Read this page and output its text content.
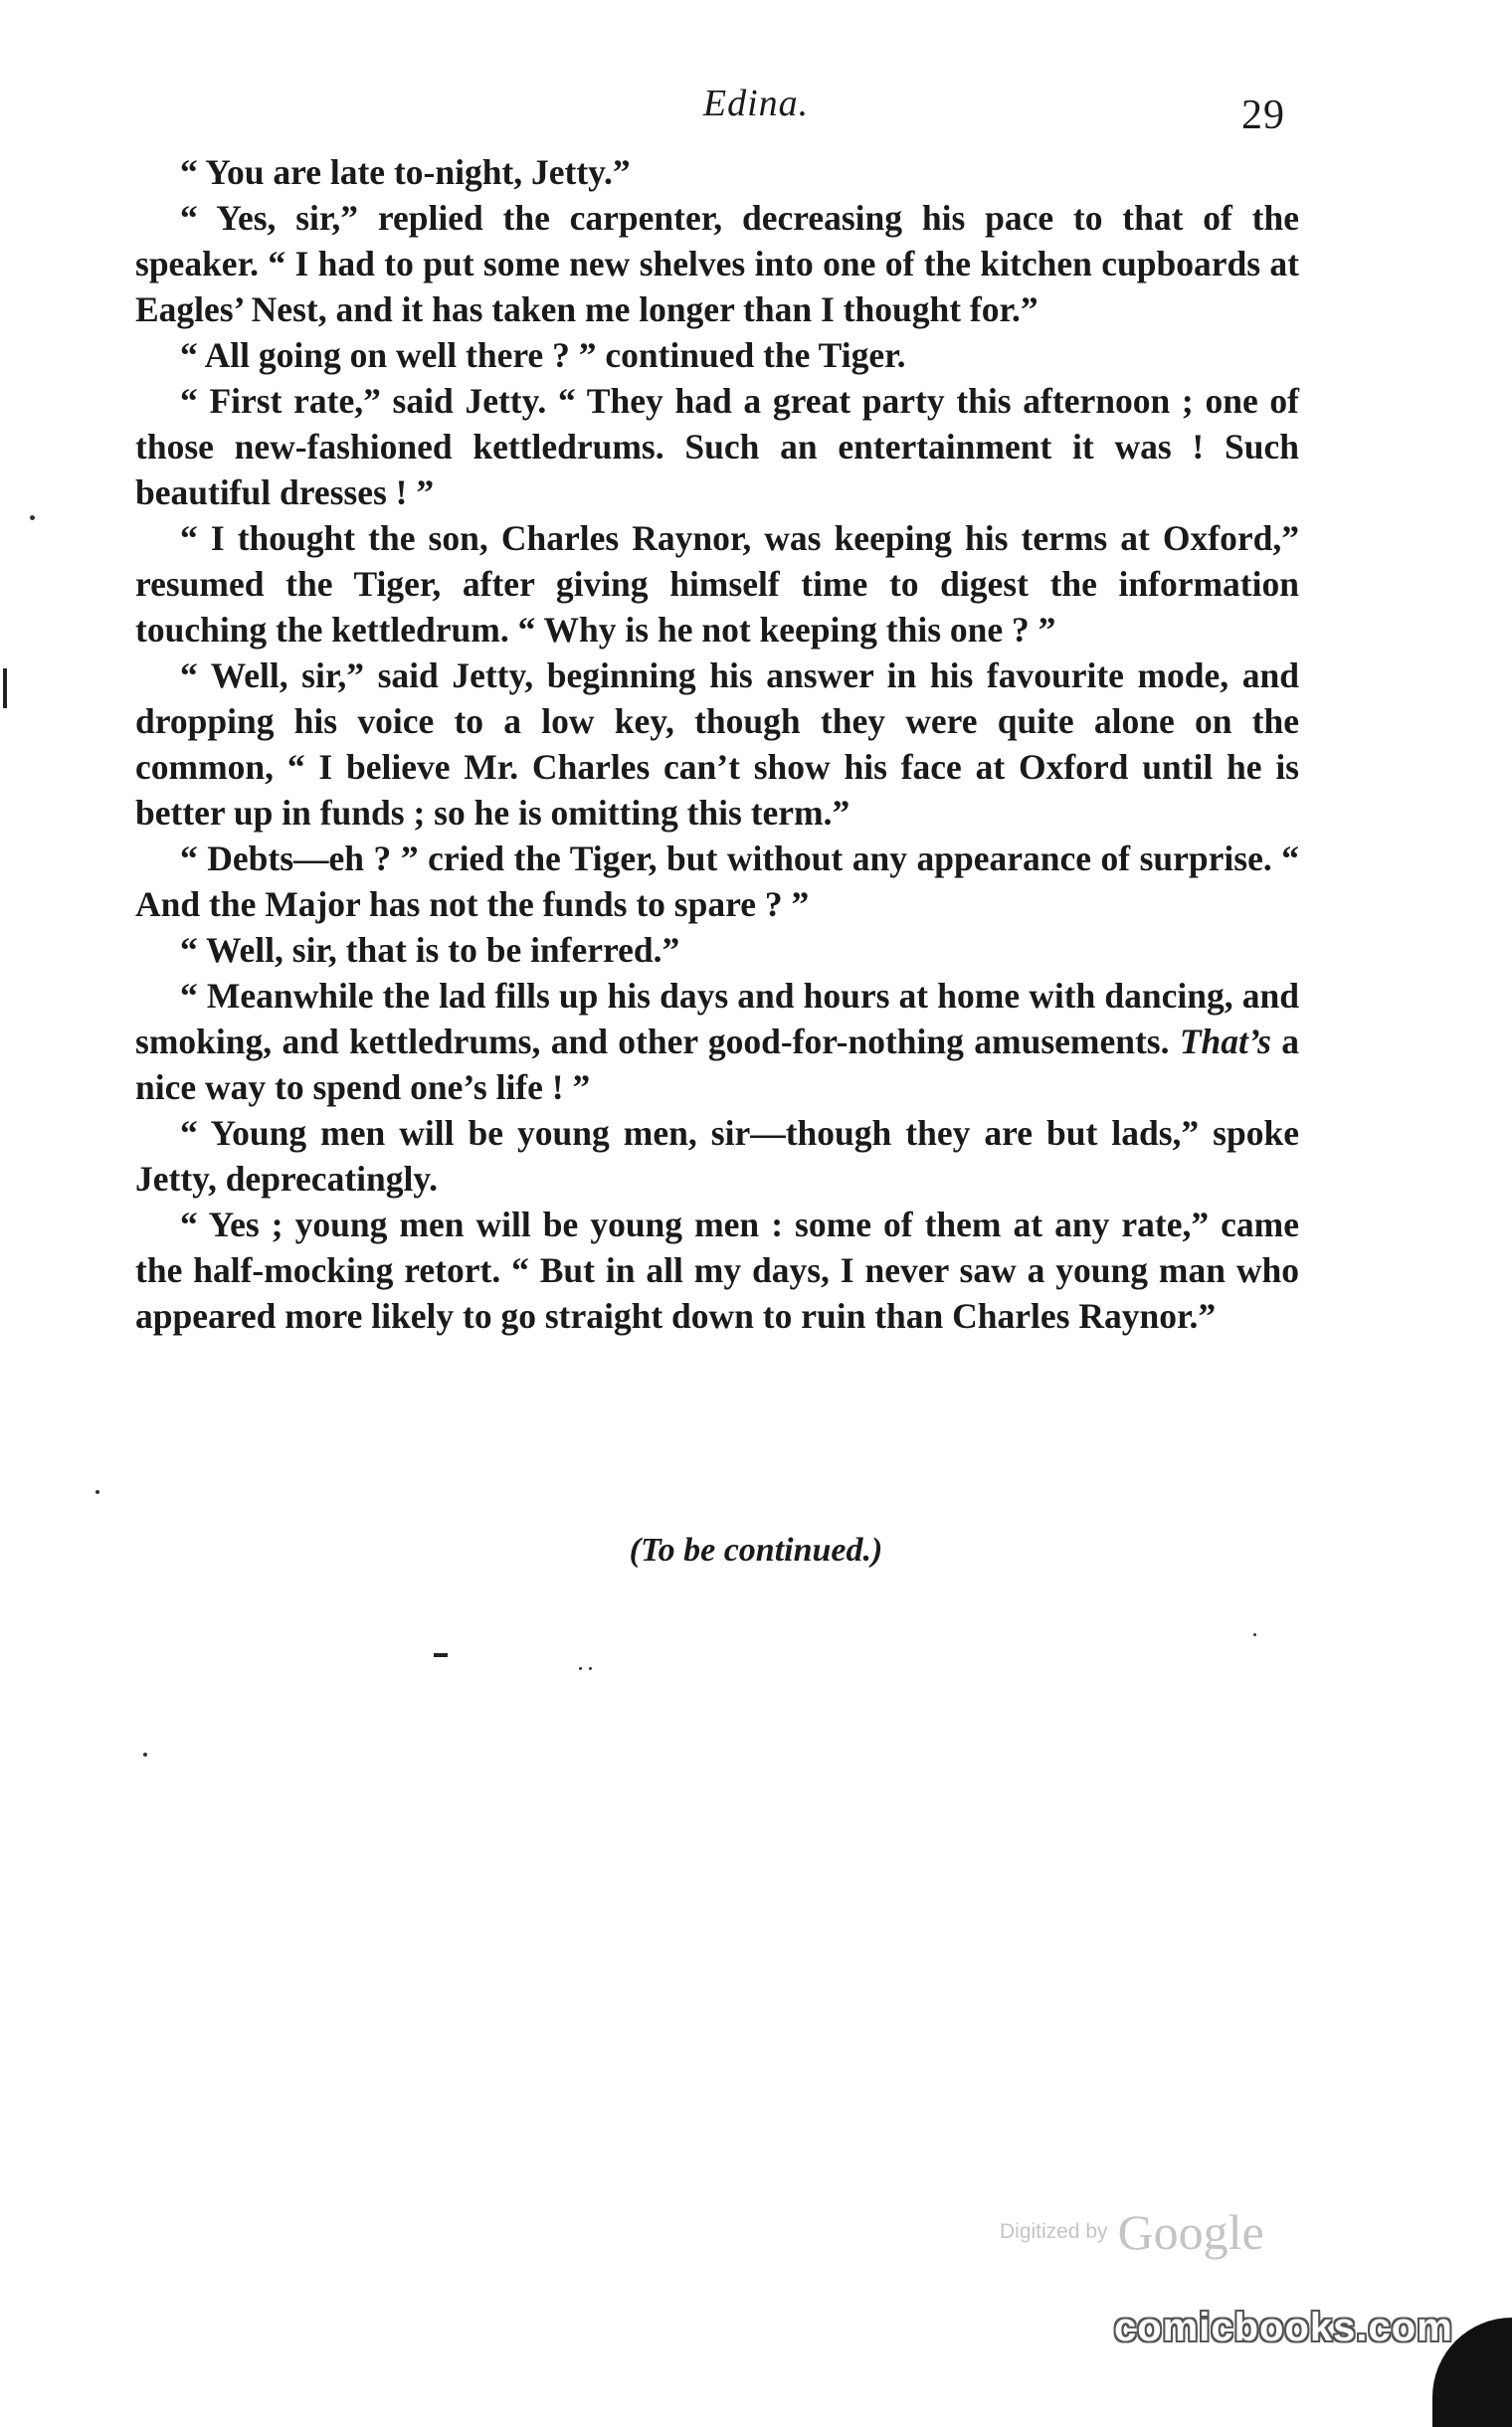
Edina.	29

“ You are late to-night, Jetty.”

“ Yes, sir,” replied the carpenter, decreasing his pace to that of the speaker. “ I had to put some new shelves into one of the kitchen cupboards at Eagles’ Nest, and it has taken me longer than I thought for.”

“ All going on well there ? ” continued the Tiger.

“ First rate,” said Jetty. “ They had a great party this afternoon ; one of those new-fashioned kettledrums. Such an entertainment it was ! Such beautiful dresses ! ”

“ I thought the son, Charles Raynor, was keeping his terms at Oxford,” resumed the Tiger, after giving himself time to digest the information touching the kettledrum. “ Why is he not keeping this one ? ”

“ Well, sir,” said Jetty, beginning his answer in his favourite mode, and dropping his voice to a low key, though they were quite alone on the common, “ I believe Mr. Charles can’t show his face at Oxford until he is better up in funds ; so he is omitting this term.”

“ Debts—eh ? ” cried the Tiger, but without any appearance of surprise. “ And the Major has not the funds to spare ? ”

“ Well, sir, that is to be inferred.”

“ Meanwhile the lad fills up his days and hours at home with dancing, and smoking, and kettledrums, and other good-for-nothing amusements. That’s a nice way to spend one’s life ! ”

“ Young men will be young men, sir—though they are but lads,” spoke Jetty, deprecatingly.

“ Yes ; young men will be young men : some of them at any rate,” came the half-mocking retort. “ But in all my days, I never saw a young man who appeared more likely to go straight down to ruin than Charles Raynor.”

(To be continued.)
Digitized by Google
comicbooks.com
